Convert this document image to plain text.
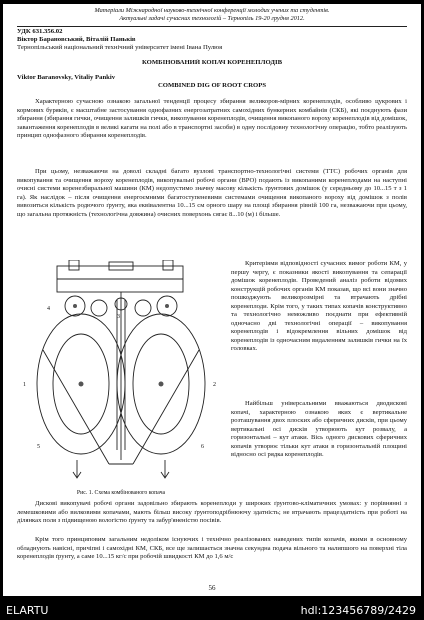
Матеріали Міжнародної науково-технічної конференції молодих учених та студентів.
Актуальні задачі сучасних технологій – Тернопіль 19-20 грудня 2012.
УДК 631.356.02
Віктор Барановський, Віталій Паньків
Тернопільський національний технічний університет імені Івана Пулюя
КОМБІНОВАНИЙ КОПАЧ КОРЕНЕПЛОДІВ
Viktor Baranovsky, Vitaliy Pankiv
COMBINED DIG OF ROOT CROPS
Характерною сучасною ознакою загальної тенденції процесу збирання великоров-мірних коренеплодів, особливо цукрових і кормових буряків, є масштабне застосування однофазних енергозатратних самохідних бункерних комбайнів (СКБ), які поєднують фази збирання (збирання гички, очищення залишків гички, викопування коренеплодів, очищення викопаного вороху коренеплодів від домішок, завантаження коренеплодів в великі кагати на полі або в транспортні засоби) в одну послідовну технологічну операцію, тобто реалізують принцип однофазного збирання коренеплодів.
При цьому, незважаючи на доволі складні багато вузлові транспортно-технологічні системи (ТТС) робочих органів для викопування та очищення вороху коренеплодів, викопувальні робочі органи (ВРО) подають із викопаними коренеплодами на наступні очисні системи коренезбиральної машини (КМ) недопустимо значну масову кількість ґрунтових домішок (у середньому до 10...15 т з 1 га). Як наслідок – після очищення енергоємними багатоступеневими системами очищення викопаного вороху від домішок з полів вивозиться кількість родючого ґрунту, яка еквівалентна 10...15 см орного шару на площі збирання рівній 100 га, незважаючи при цьому, що загальна протяжність (технологічна довжина) очисних поверхонь сягає 8...10 (м) і більше.
1	2
3
4
5	6
Рис. 1. Схема комбінованого копача
Критеріями відповідності сучасних вимог роботи КМ, у першу чергу, є показники якості викопування та сепарації домішок коренеплодів. Проведений аналіз роботи відомих конструкцій робочих органів КМ показав, що всі вони значно пошкоджують великорозмірні та втрачають дрібні коренеплоди. Крім того, у таких типах копачів конструктивно та технологічно неможливо поєднати при ефективній одночасно дві технологічні операції – викопування коренеплодів і відокремлення вільних домішок від коренеплодів із одночасним видаленням залишків гички на їх головках.
Найбільш універсальними вважаються дводискові копачі, характерною ознакою яких є вертикальне розташування двох плоских або сферичних дисків, при цьому вертикальні осі дисків утворюють кут розвалу, а горизонтальні – кут атаки. Вісь одного дискових сферичних копачів утворює тільки кут атаки в горизонтальній площині відносно осі рядка коренеплодів.
Дискові викопувачі робочі органи задовільно збирають коренеплоди у широких ґрунтово-кліматичних умовах: у порівнянні з лемешковими або вилковими копачами, мають більш високу ґрунтоподрібнюючу здатність; не втрачають працездатність при роботі на ділянках поля з підвищеною вологістю ґрунту та забур'яненістю посівів.
Крім того принциповим загальним недоліком існуючих і технічно реалізованих наведених типів копачів, якими в основному обладнують навісні, причіпні і самохідні КМ, СКБ, все ще залишається значна секундна подача вільного та налипшого на поверхні тіла коренеплодів ґрунту, а саме 10...15 кг/с при робочій швидкості КМ до 1,6 м/с
56
ELARTU	hdl:123456789/2429
